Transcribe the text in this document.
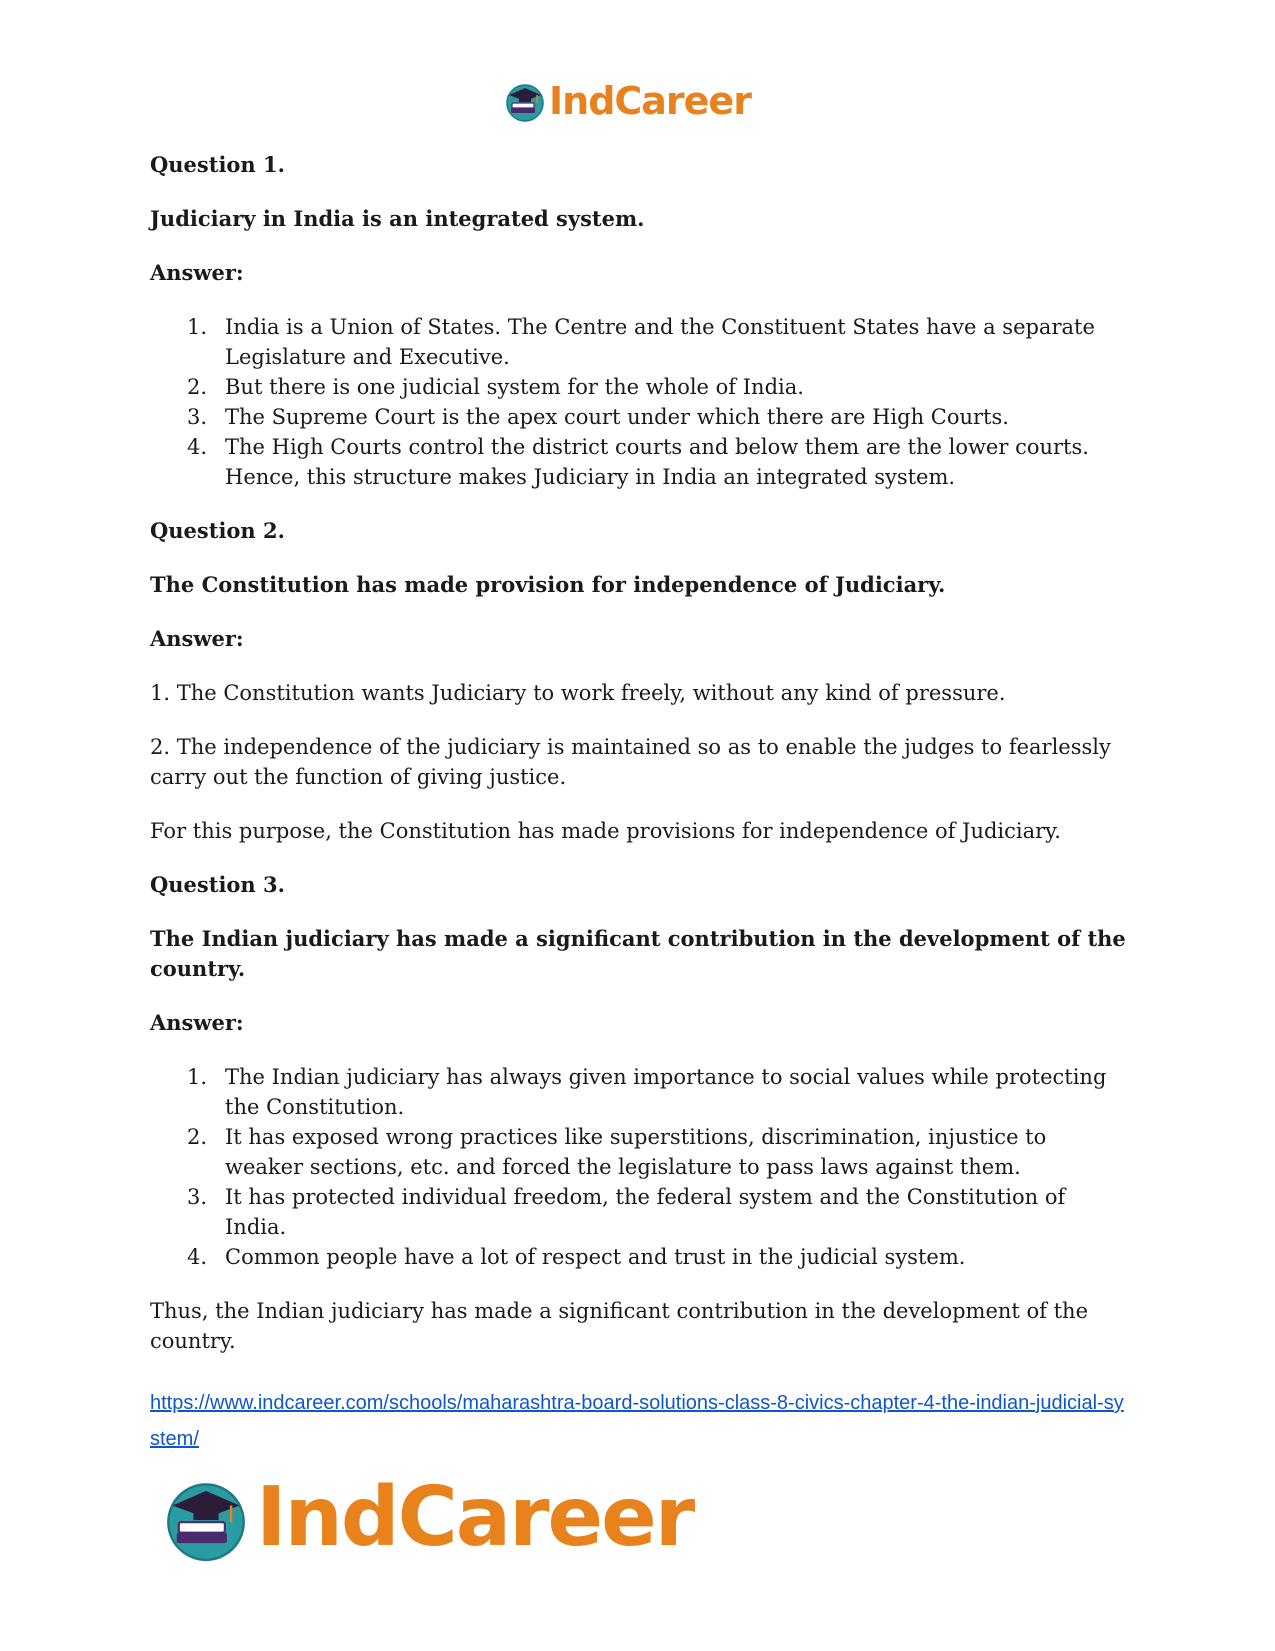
IndCareer

Question 1.

Judiciary in India is an integrated system.

Answer:

1. India is a Union of States. The Centre and the Constituent States have a separate Legislature and Executive.
2. But there is one judicial system for the whole of India.
3. The Supreme Court is the apex court under which there are High Courts.
4. The High Courts control the district courts and below them are the lower courts. Hence, this structure makes Judiciary in India an integrated system.

Question 2.

The Constitution has made provision for independence of Judiciary.

Answer:

1. The Constitution wants Judiciary to work freely, without any kind of pressure.

2. The independence of the judiciary is maintained so as to enable the judges to fearlessly carry out the function of giving justice.

For this purpose, the Constitution has made provisions for independence of Judiciary.

Question 3.

The Indian judiciary has made a significant contribution in the development of the country.

Answer:

1. The Indian judiciary has always given importance to social values while protecting the Constitution.
2. It has exposed wrong practices like superstitions, discrimination, injustice to weaker sections, etc. and forced the legislature to pass laws against them.
3. It has protected individual freedom, the federal system and the Constitution of India.
4. Common people have a lot of respect and trust in the judicial system.

Thus, the Indian judiciary has made a significant contribution in the development of the country.

https://www.indcareer.com/schools/maharashtra-board-solutions-class-8-civics-chapter-4-the-indian-judicial-system/
IndCareer
